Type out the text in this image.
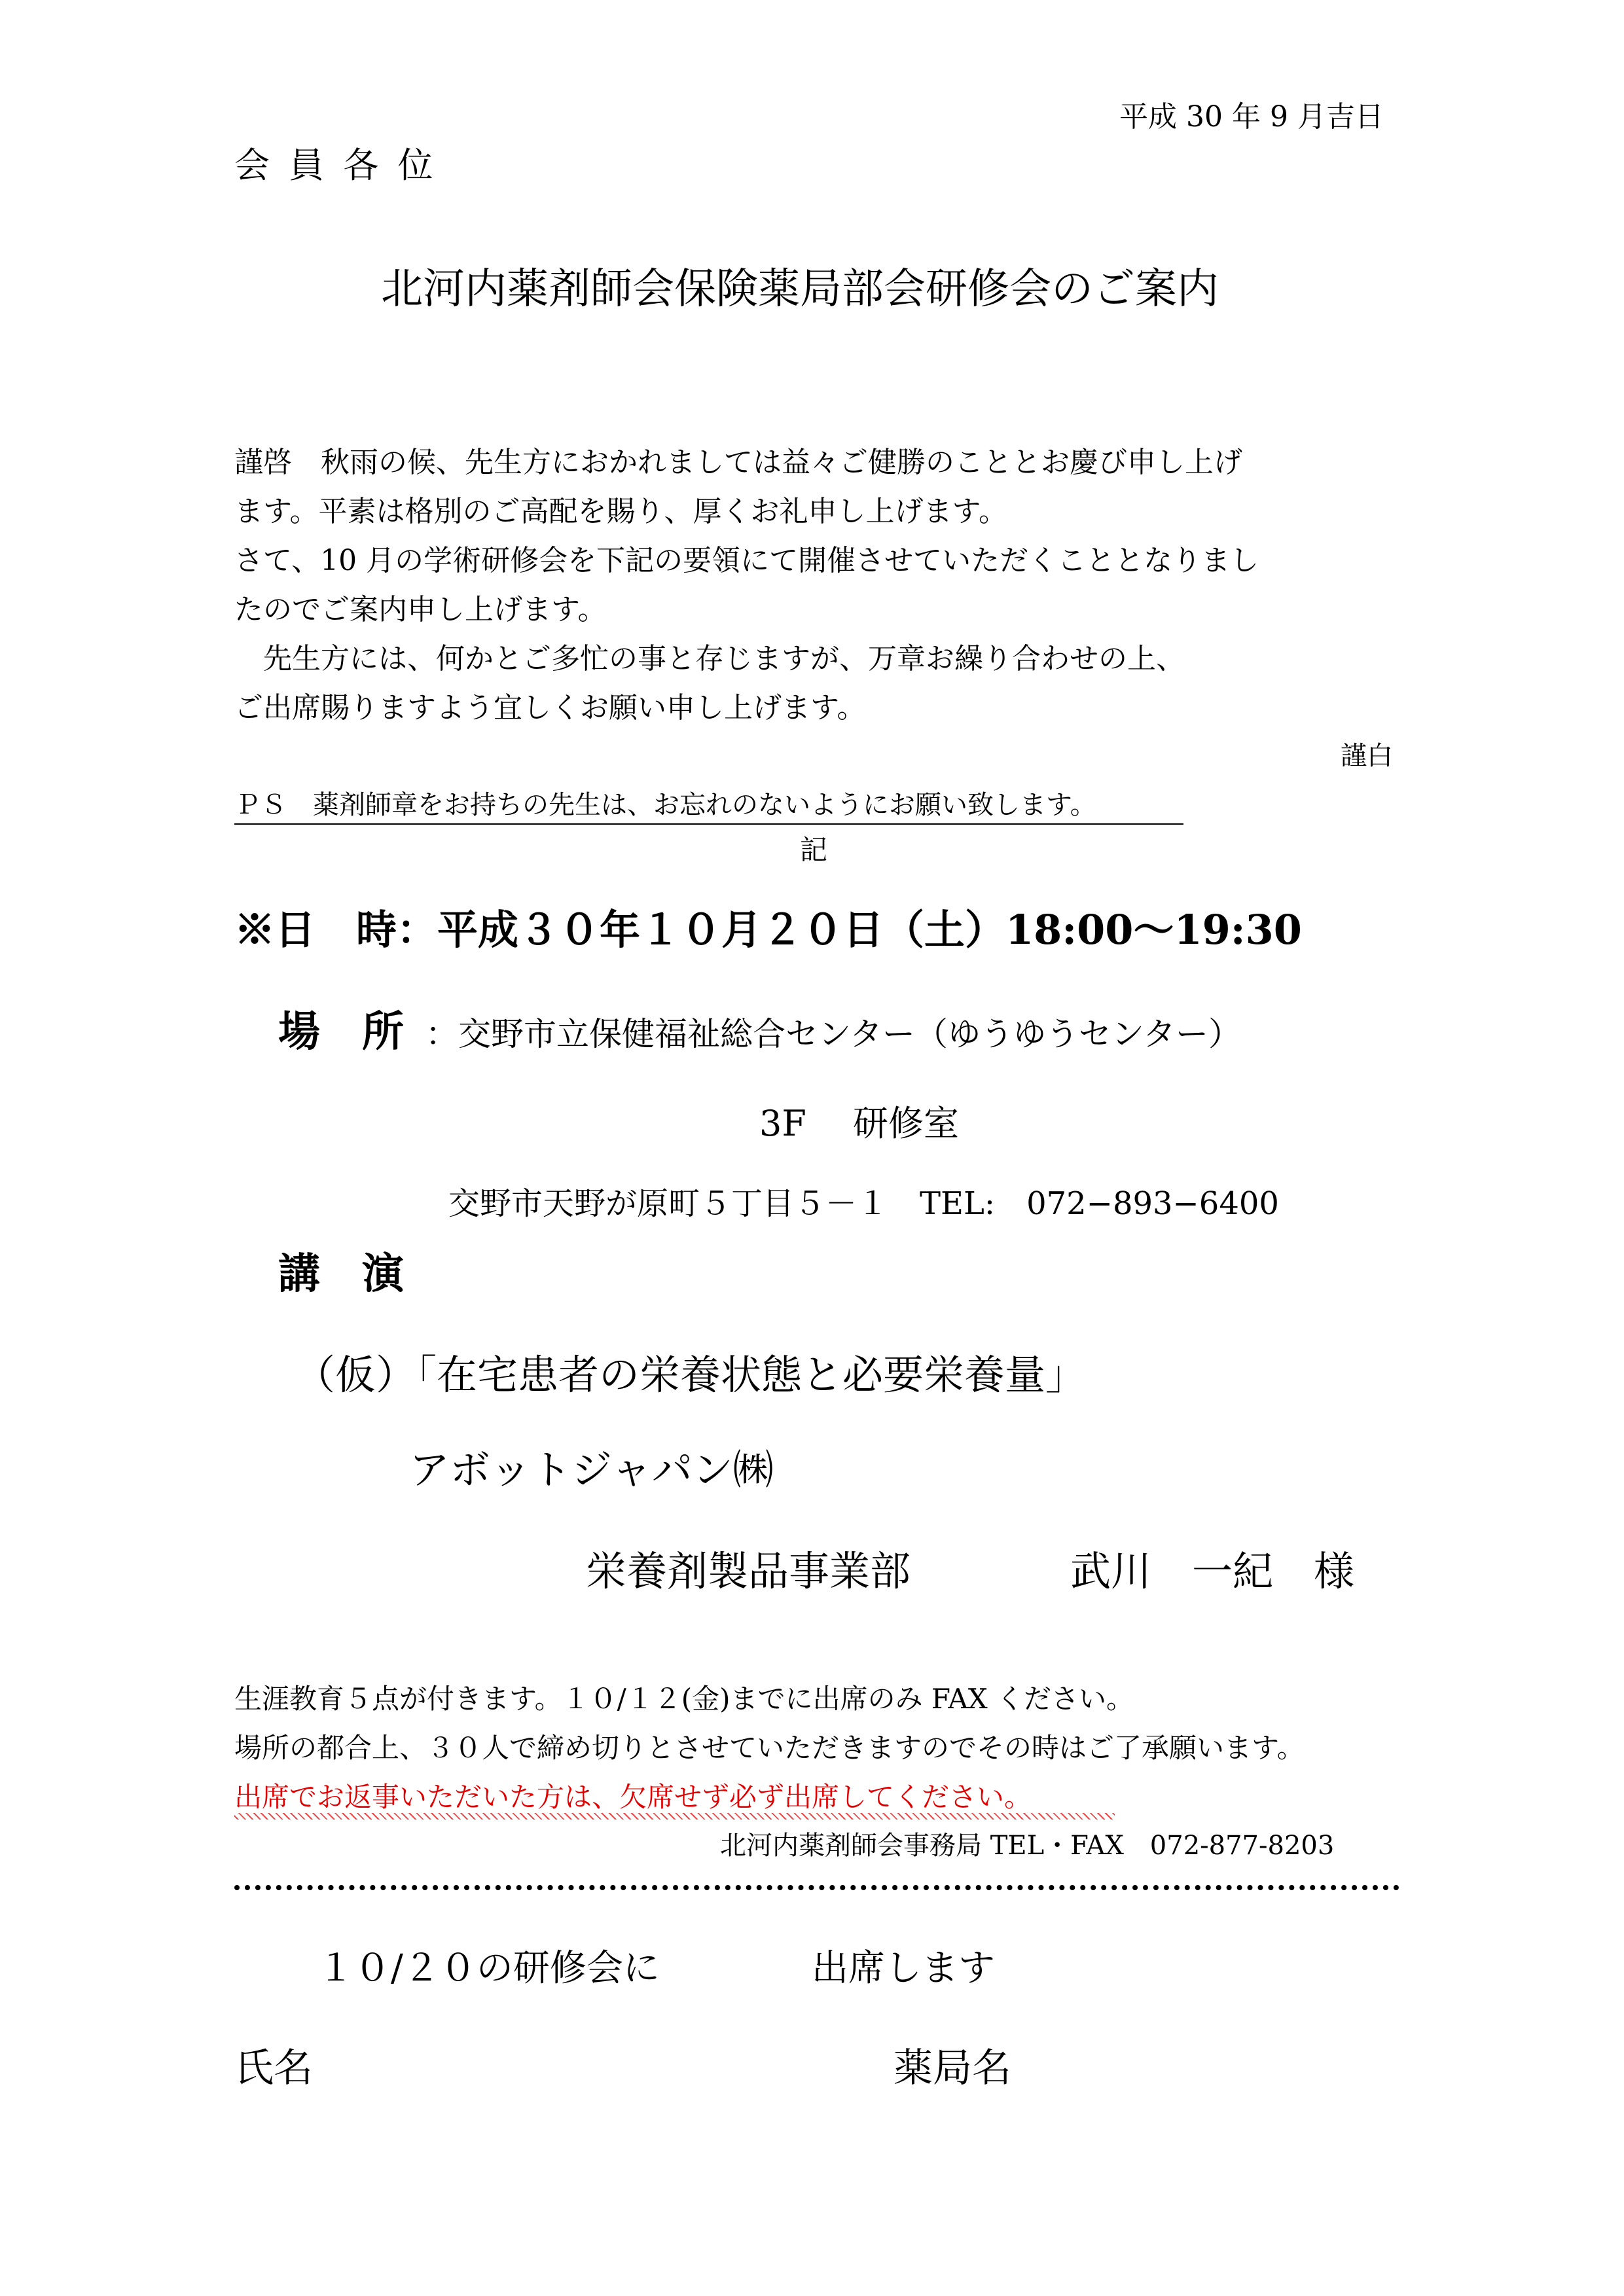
平成 30 年 9 月吉日
会 員 各 位
北河内薬剤師会保険薬局部会研修会のご案内
謹啓　秋雨の候、先生方におかれましては益々ご健勝のこととお慶び申し上げ
ます。平素は格別のご高配を賜り、厚くお礼申し上げます。
さて、10 月の学術研修会を下記の要領にて開催させていただくこととなりまし
たのでご案内申し上げます。
　先生方には、何かとご多忙の事と存じますが、万章お繰り合わせの上、
ご出席賜りますよう宜しくお願い申し上げます。
謹白
ＰＳ　薬剤師章をお持ちの先生は、お忘れのないようにお願い致します。
記
※日　時：平成３０年１０月２０日（土）18:00〜19:30
場　所 ：交野市立保健福祉総合センター（ゆうゆうセンター）
3F　 研修室
交野市天野が原町５丁目５－１　TEL:　072−893−6400
講　演
（仮）「在宅患者の栄養状態と必要栄養量」
アボットジャパン㈱
栄養剤製品事業部	武川　一紀　様
生涯教育５点が付きます。１０/１２(金)までに出席のみ FAX ください。
場所の都合上、３０人で締め切りとさせていただきますのでその時はご了承願います。
出席でお返事いただいた方は、欠席せず必ず出席してください。
北河内薬剤師会事務局 TEL・FAX　072-877-8203
１０/２０の研修会に	出席します
氏名	薬局名
